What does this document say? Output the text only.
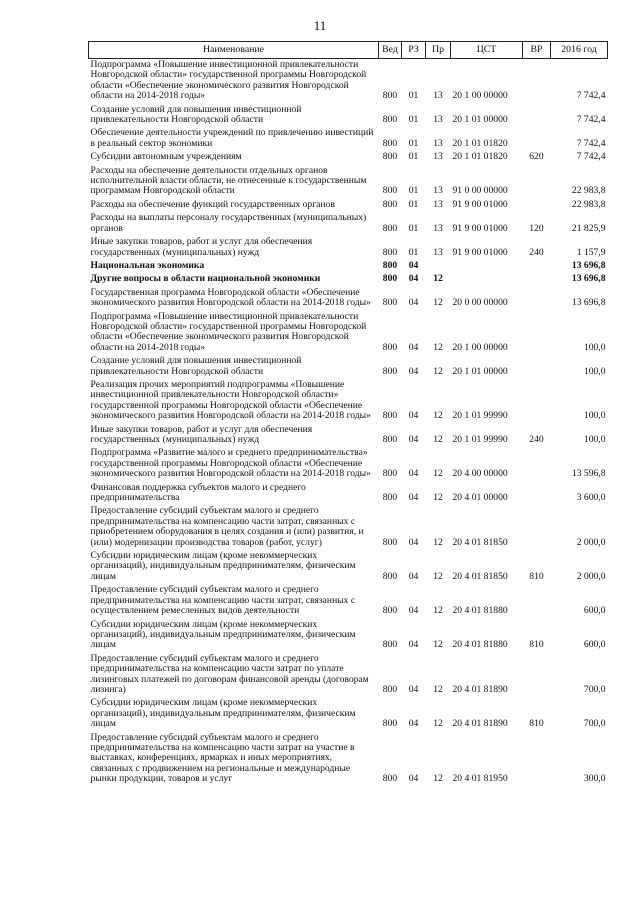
11
Наименование	Вед	РЗ	Пр	ЦСТ	ВР	2016 год
Подпрограмма «Повышение инвестиционной привлекательности Новгородской области» государственной программы Новгородской области «Обеспечение экономического развития Новгородской области на 2014-2018 годы»	800	01	13	20 1 00 00000		7 742,4
Создание условий для повышения инвестиционной привлекательности Новгородской области	800	01	13	20 1 01 00000		7 742,4
Обеспечение деятельности учреждений по привлечению инвестиций в реальный сектор экономики	800	01	13	20 1 01 01820		7 742,4
Субсидии автономным учреждениям	800	01	13	20 1 01 01820	620	7 742,4
Расходы на обеспечение деятельности отдельных органов исполнительной власти области, не отнесенные к государственным программам Новгородской области	800	01	13	91 0 00 00000		22 983,8
Расходы на обеспечение функций государственных органов	800	01	13	91 9 00 01000		22 983,8
Расходы на выплаты персоналу государственных (муниципальных) органов	800	01	13	91 9 00 01000	120	21 825,9
Иные закупки товаров, работ и услуг для обеспечения государственных (муниципальных) нужд	800	01	13	91 9 00 01000	240	1 157,9
Национальная экономика	800	04				13 696,8
Другие вопросы в области национальной экономики	800	04	12			13 696,8
Государственная программа Новгородской области «Обеспечение экономического развития Новгородской области на 2014-2018 годы»	800	04	12	20 0 00 00000		13 696,8
Подпрограмма «Повышение инвестиционной привлекательности Новгородской области» государственной программы Новгородской области «Обеспечение экономического развития Новгородской области на 2014-2018 годы»	800	04	12	20 1 00 00000		100,0
Создание условий для повышения инвестиционной привлекательности Новгородской области	800	04	12	20 1 01 00000		100,0
Реализация прочих мероприятий подпрограммы «Повышение инвестиционной привлекательности Новгородской области» государственной программы Новгородской области «Обеспечение экономического развития Новгородской области на 2014-2018 годы»	800	04	12	20 1 01 99990		100,0
Иные закупки товаров, работ и услуг для обеспечения государственных (муниципальных) нужд	800	04	12	20 1 01 99990	240	100,0
Подпрограмма «Развитие малого и среднего предпринимательства» государственной программы Новгородской области «Обеспечение экономического развития Новгородской области на 2014-2018 годы»	800	04	12	20 4 00 00000		13 596,8
Финансовая поддержка субъектов малого и среднего предпринимательства	800	04	12	20 4 01 00000		3 600,0
Предоставление субсидий субъектам малого и среднего предпринимательства на компенсацию части затрат, связанных с приобретением оборудования в целях создания и (или) развития, и (или) модернизации производства товаров (работ, услуг)	800	04	12	20 4 01 81850		2 000,0
Субсидии юридическим лицам (кроме некоммерческих организаций), индивидуальным предпринимателям, физическим лицам	800	04	12	20 4 01 81850	810	2 000,0
Предоставление субсидий субъектам малого и среднего предпринимательства на компенсацию части затрат, связанных с осуществлением ремесленных видов деятельности	800	04	12	20 4 01 81880		600,0
Субсидии юридическим лицам (кроме некоммерческих организаций), индивидуальным предпринимателям, физическим лицам	800	04	12	20 4 01 81880	810	600,0
Предоставление субсидий субъектам малого и среднего предпринимательства на компенсацию части затрат по уплате лизинговых платежей по договорам финансовой аренды (договорам лизинга)	800	04	12	20 4 01 81890		700,0
Субсидии юридическим лицам (кроме некоммерческих организаций), индивидуальным предпринимателям, физическим лицам	800	04	12	20 4 01 81890	810	700,0
Предоставление субсидий субъектам малого и среднего предпринимательства на компенсацию части затрат на участие в выставках, конференциях, ярмарках и иных мероприятиях, связанных с продвижением на региональные и международные рынки продукции, товаров и услуг	800	04	12	20 4 01 81950		300,0
